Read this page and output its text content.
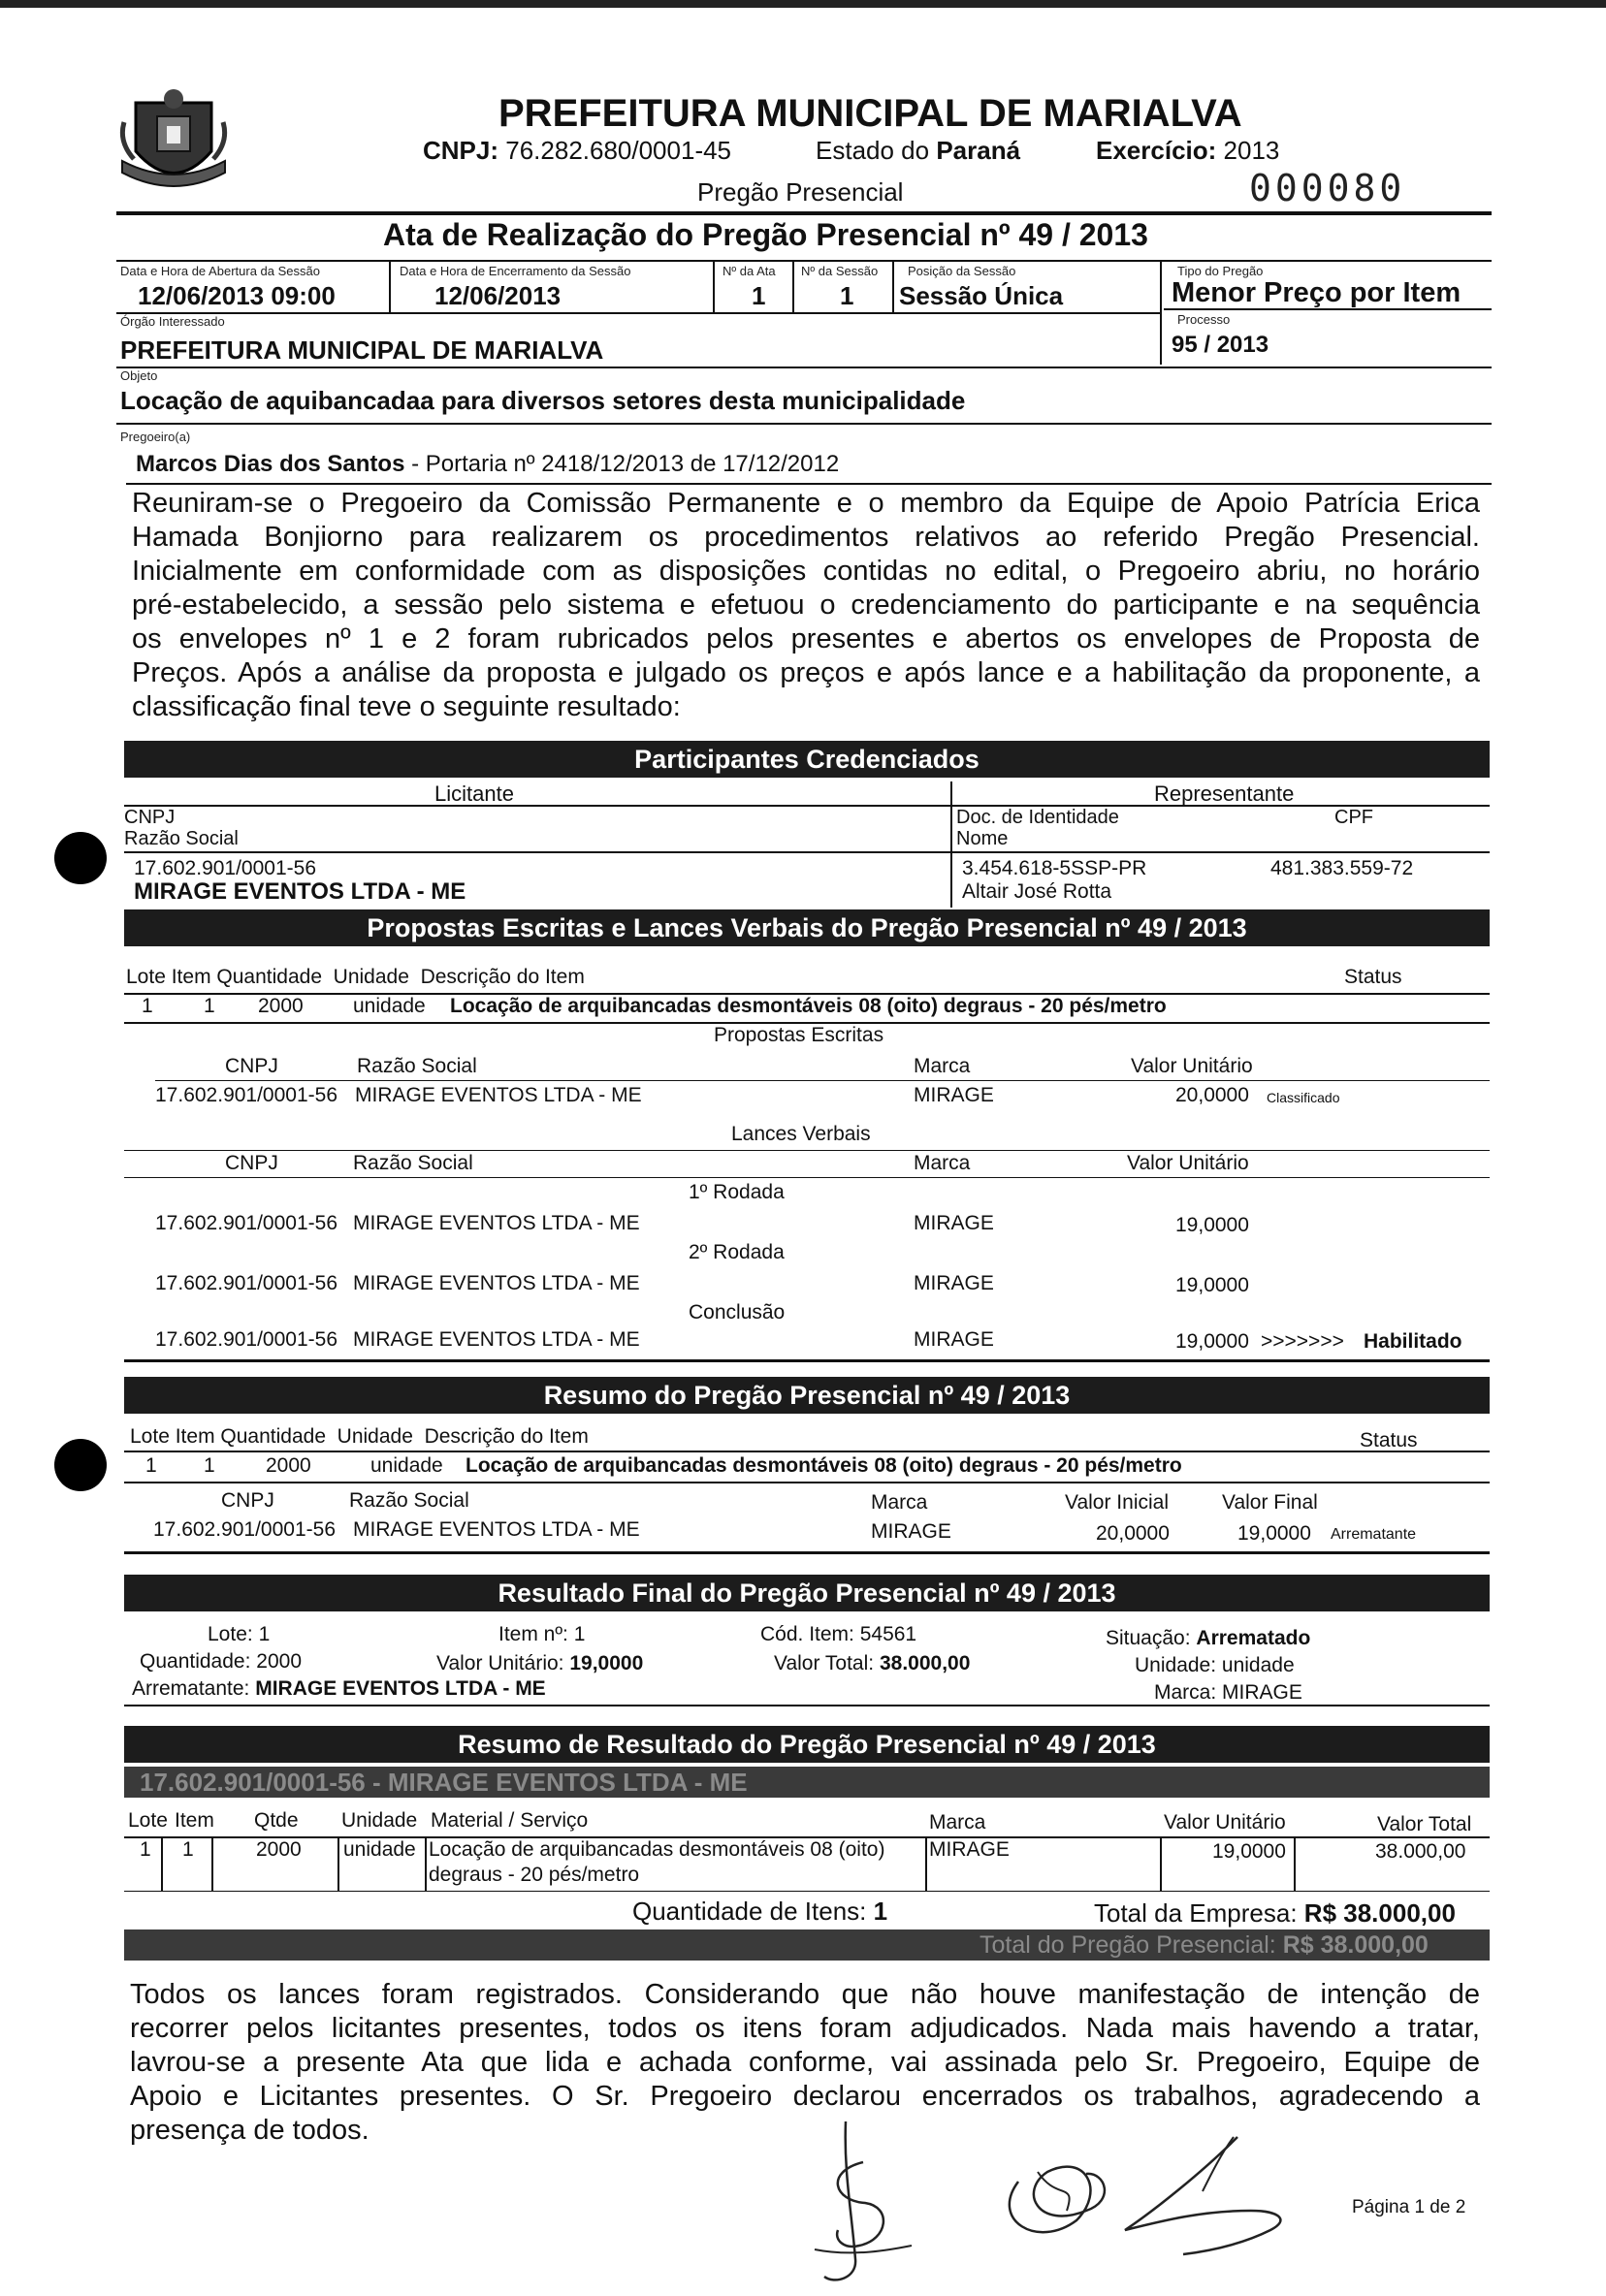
PREFEITURA MUNICIPAL DE MARIALVA
CNPJ: 76.282.680/0001-45	Estado do Paraná	Exercício: 2013
Pregão Presencial	000080
Ata de Realização do Pregão Presencial nº 49 / 2013
Data e Hora de Abertura da Sessão
12/06/2013 09:00
Data e Hora de Encerramento da Sessão
12/06/2013
Nº da Ata
1
Nº da Sessão
1
Posição da Sessão
Sessão Única
Tipo do Pregão
Menor Preço por Item
Órgão Interessado
PREFEITURA MUNICIPAL DE MARIALVA
Processo
95 / 2013
Objeto
Locação de aquibancadaa para diversos setores desta municipalidade
Pregoeiro(a)
Marcos Dias dos Santos - Portaria nº 2418/12/2013 de 17/12/2012
Reuniram-se o Pregoeiro da Comissão Permanente e o membro da Equipe de Apoio Patrícia Erica
Hamada Bonjiorno para realizarem os procedimentos relativos ao referido Pregão Presencial.
Inicialmente em conformidade com as disposições contidas no edital, o Pregoeiro abriu, no horário
pré-estabelecido, a sessão pelo sistema e efetuou o credenciamento do participante e na sequência
os envelopes nº 1 e 2 foram rubricados pelos presentes e abertos os envelopes de Proposta de
Preços. Após a análise da proposta e julgado os preços e após lance e a habilitação da proponente, a
classificação final teve o seguinte resultado:
Participantes Credenciados
Licitante	Representante
CNPJ
Razão Social
Doc. de Identidade	CPF
Nome
17.602.901/0001-56
MIRAGE EVENTOS LTDA - ME
3.454.618-5SSP-PR	481.383.559-72
Altair José Rotta
Propostas Escritas e Lances Verbais do Pregão Presencial nº 49 / 2013
Lote Item Quantidade Unidade Descrição do Item	Status
1 1 2000 unidade Locação de arquibancadas desmontáveis 08 (oito) degraus - 20 pés/metro
Propostas Escritas
CNPJ	Razão Social	Marca	Valor Unitário
17.602.901/0001-56 MIRAGE EVENTOS LTDA - ME	MIRAGE	20,0000 Classificado
Lances Verbais
CNPJ	Razão Social	Marca	Valor Unitário
1º Rodada
17.602.901/0001-56 MIRAGE EVENTOS LTDA - ME	MIRAGE	19,0000
2º Rodada
17.602.901/0001-56 MIRAGE EVENTOS LTDA - ME	MIRAGE	19,0000
Conclusão
17.602.901/0001-56 MIRAGE EVENTOS LTDA - ME	MIRAGE	19,0000 >>>>>>> Habilitado
Resumo do Pregão Presencial nº 49 / 2013
Lote Item Quantidade Unidade Descrição do Item	Status
1 1 2000	unidade Locação de arquibancadas desmontáveis 08 (oito) degraus - 20 pés/metro
CNPJ	Razão Social	Marca	Valor Inicial	Valor Final
17.602.901/0001-56 MIRAGE EVENTOS LTDA - ME	MIRAGE	20,0000	19,0000 Arrematante
Resultado Final do Pregão Presencial nº 49 / 2013
Lote: 1	Item nº: 1	Cód. Item: 54561	Situação: Arrematado
Quantidade: 2000	Valor Unitário: 19,0000	Valor Total: 38.000,00	Unidade: unidade
Arrematante: MIRAGE EVENTOS LTDA - ME	Marca: MIRAGE
Resumo de Resultado do Pregão Presencial nº 49 / 2013
17.602.901/0001-56 - MIRAGE EVENTOS LTDA - ME
Lote Item Qtde Unidade Material / Serviço	Marca	Valor Unitário	Valor Total
1 1	2000 unidade Locação de arquibancadas desmontáveis 08 (oito)
degraus - 20 pés/metro
MIRAGE	19,0000	38.000,00
Quantidade de Itens: 1	Total da Empresa: R$ 38.000,00
Total do Pregão Presencial: R$ 38.000,00
Todos os lances foram registrados. Considerando que não houve manifestação de intenção de
recorrer pelos licitantes presentes, todos os itens foram adjudicados. Nada mais havendo a tratar,
lavrou-se a presente Ata que lida e achada conforme, vai assinada pelo Sr. Pregoeiro, Equipe de
Apoio e Licitantes presentes. O Sr. Pregoeiro declarou encerrados os trabalhos, agradecendo a
presença de todos.
Página 1 de 2
